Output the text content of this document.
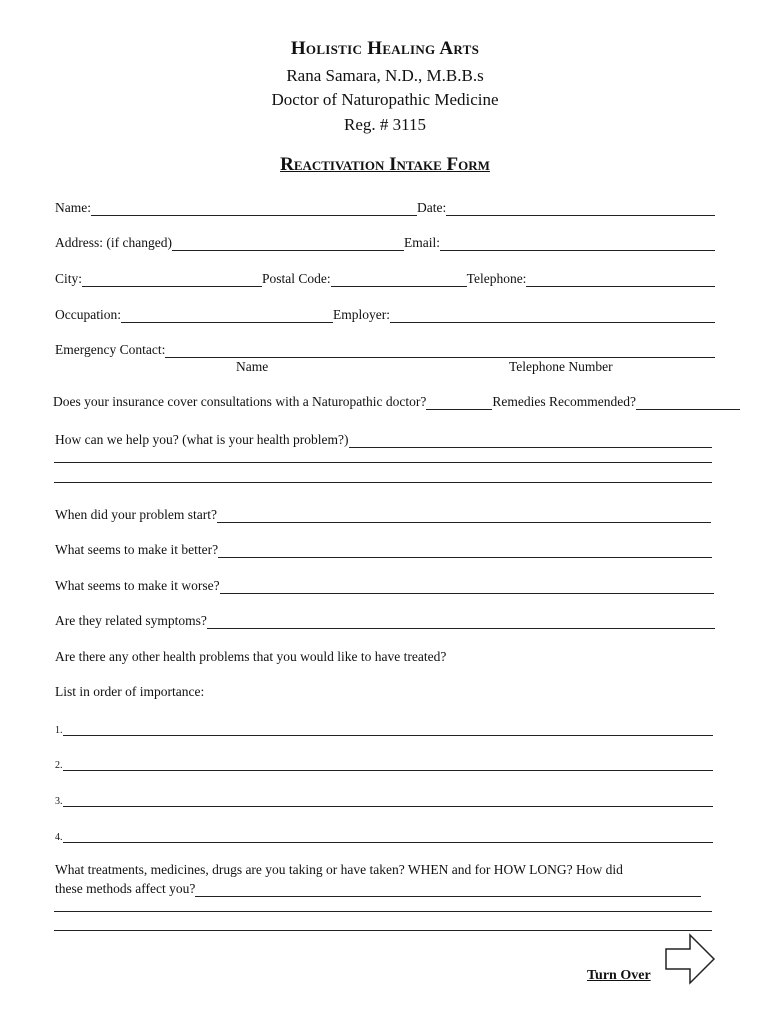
Holistic Healing Arts
Rana Samara, N.D., M.B.B.s
Doctor of Naturopathic Medicine
Reg. # 3115
Reactivation Intake Form
Name:	Date:
Address: (if changed)	Email:
City:	Postal Code:	Telephone:
Occupation:	Employer:
Emergency Contact:
Name	Telephone Number
Does your insurance cover consultations with a Naturopathic doctor?	Remedies Recommended?
How can we help you? (what is your health problem?)
When did your problem start?
What seems to make it better?
What seems to make it worse?
Are they related symptoms?
Are there any other health problems that you would like to have treated?
List in order of importance:
1.
2.
3.
4.
What treatments, medicines, drugs are you taking or have taken? WHEN and for HOW LONG? How did
these methods affect you?
Turn Over
